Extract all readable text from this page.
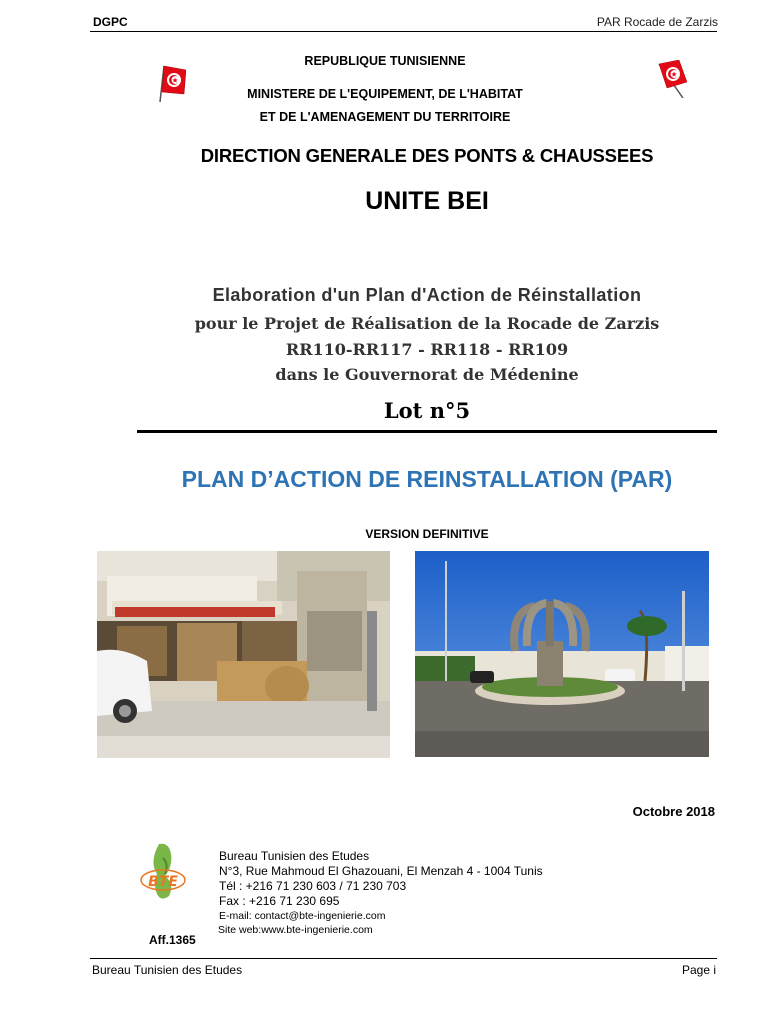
DGPC	PAR Rocade de Zarzis
REPUBLIQUE TUNISIENNE
MINISTERE DE L'EQUIPEMENT, DE L'HABITAT
ET DE L'AMENAGEMENT DU TERRITOIRE
DIRECTION GENERALE DES PONTS & CHAUSSEES
UNITE BEI
Elaboration d'un Plan d'Action de Réinstallation
pour le Projet de Réalisation de la Rocade de Zarzis
RR110-RR117 - RR118 - RR109
dans le Gouvernorat de Médenine
Lot n°5
PLAN D’ACTION DE REINSTALLATION (PAR)
VERSION DEFINITIVE
Octobre 2018
BTE
Bureau Tunisien des Etudes
N°3, Rue Mahmoud El Ghazouani, El Menzah 4 - 1004 Tunis
Tél : +216 71 230 603 / 71 230 703
Fax : +216 71 230 695
E-mail: contact@bte-ingenierie.com
Site web:www.bte-ingenierie.com
Aff.1365
Bureau Tunisien des Etudes	Page i
